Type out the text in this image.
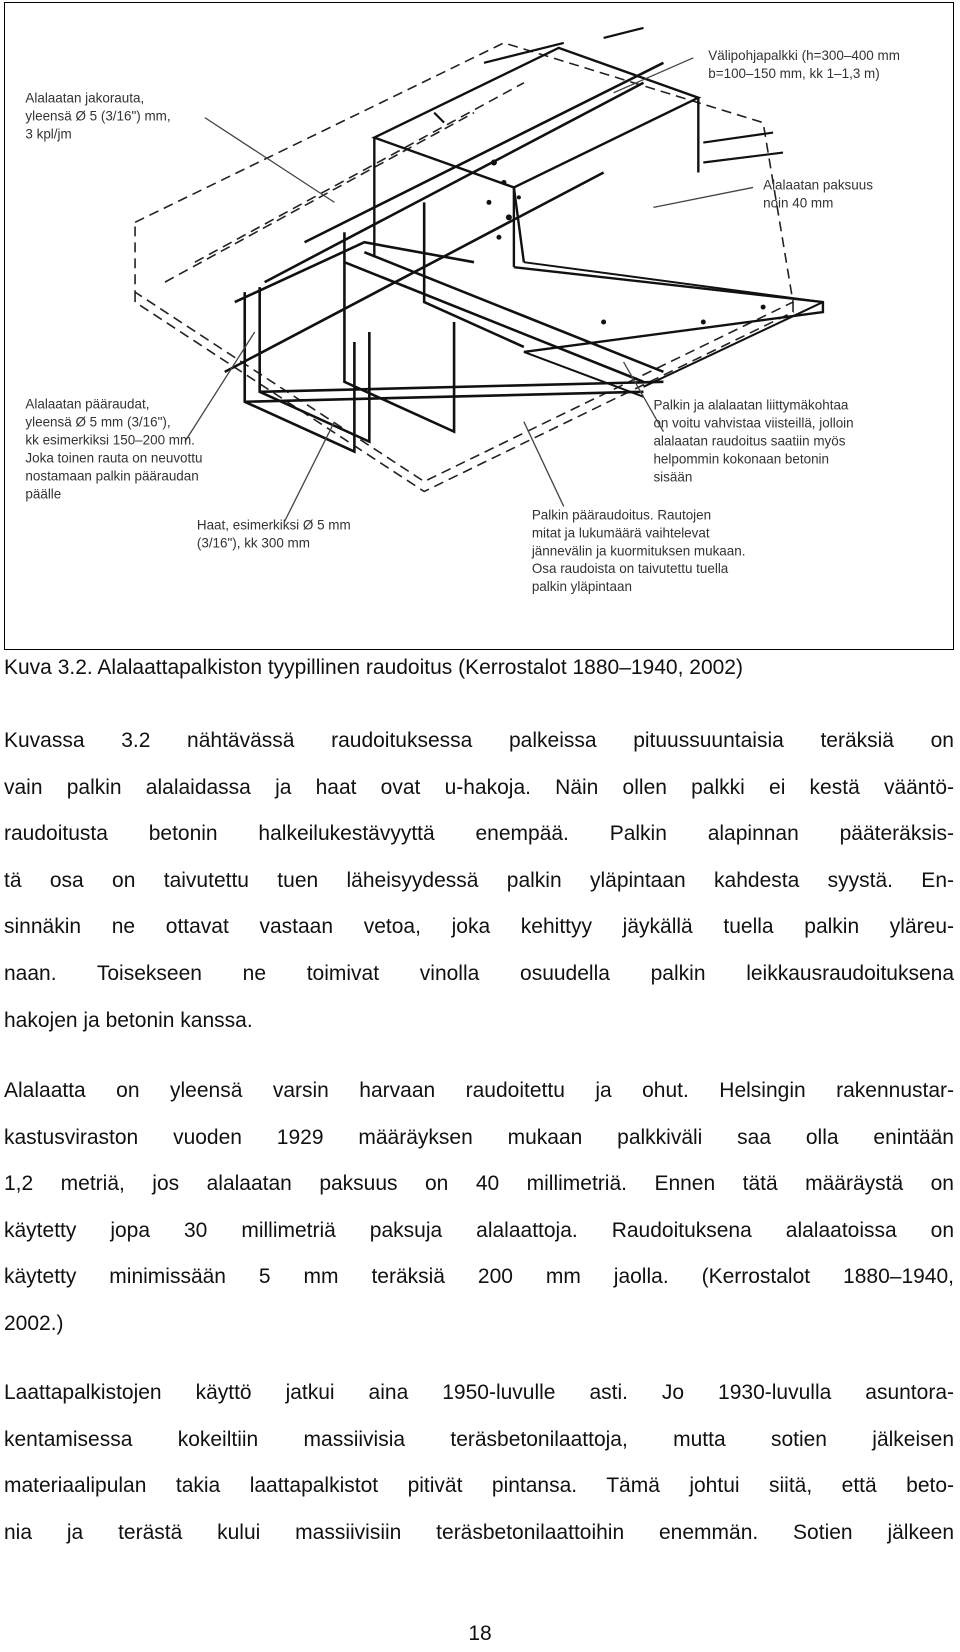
Alalaatan jakorauta,
yleensä Ø 5 (3/16") mm,
3 kpl/jm
Välipohjapalkki (h=300–400 mm
b=100–150 mm, kk 1–1,3 m)
Alalaatan paksuus
noin 40 mm
Alalaatan pääraudat,
yleensä Ø 5 mm (3/16"),
kk esimerkiksi 150–200 mm.
Joka toinen rauta on neuvottu
nostamaan palkin pääraudan
päälle
Palkin ja alalaatan liittymäkohtaa
on voitu vahvistaa viisteillä, jolloin
alalaatan raudoitus saatiin myös
helpommin kokonaan betonin
sisään
Haat, esimerkiksi Ø 5 mm
(3/16"), kk 300 mm
Palkin pääraudoitus. Rautojen
mitat ja lukumäärä vaihtelevat
jännevälin ja kuormituksen mukaan.
Osa raudoista on taivutettu tuella
palkin yläpintaan
Kuva 3.2. Alalaattapalkiston tyypillinen raudoitus (Kerrostalot 1880–1940, 2002)
Kuvassa 3.2 nähtävässä raudoituksessa palkeissa pituussuuntaisia teräksiä on
vain palkin alalaidassa ja haat ovat u-hakoja. Näin ollen palkki ei kestä vääntö-
raudoitusta betonin halkeilukestävyyttä enempää. Palkin alapinnan pääteräksis-
tä osa on taivutettu tuen läheisyydessä palkin yläpintaan kahdesta syystä. En-
sinnäkin ne ottavat vastaan vetoa, joka kehittyy jäykällä tuella palkin yläreu-
naan. Toisekseen ne toimivat vinolla osuudella palkin leikkausraudoituksena
hakojen ja betonin kanssa.
Alalaatta on yleensä varsin harvaan raudoitettu ja ohut. Helsingin rakennustar-
kastusviraston vuoden 1929 määräyksen mukaan palkkiväli saa olla enintään
1,2 metriä, jos alalaatan paksuus on 40 millimetriä. Ennen tätä määräystä on
käytetty jopa 30 millimetriä paksuja alalaattoja. Raudoituksena alalaatoissa on
käytetty minimissään 5 mm teräksiä 200 mm jaolla. (Kerrostalot 1880–1940,
2002.)
Laattapalkistojen käyttö jatkui aina 1950-luvulle asti. Jo 1930-luvulla asuntora-
kentamisessa kokeiltiin massiivisia teräsbetonilaattoja, mutta sotien jälkeisen
materiaalipulan takia laattapalkistot pitivät pintansa. Tämä johtui siitä, että beto-
nia ja terästä kului massiivisiin teräsbetonilaattoihin enemmän. Sotien jälkeen
18
